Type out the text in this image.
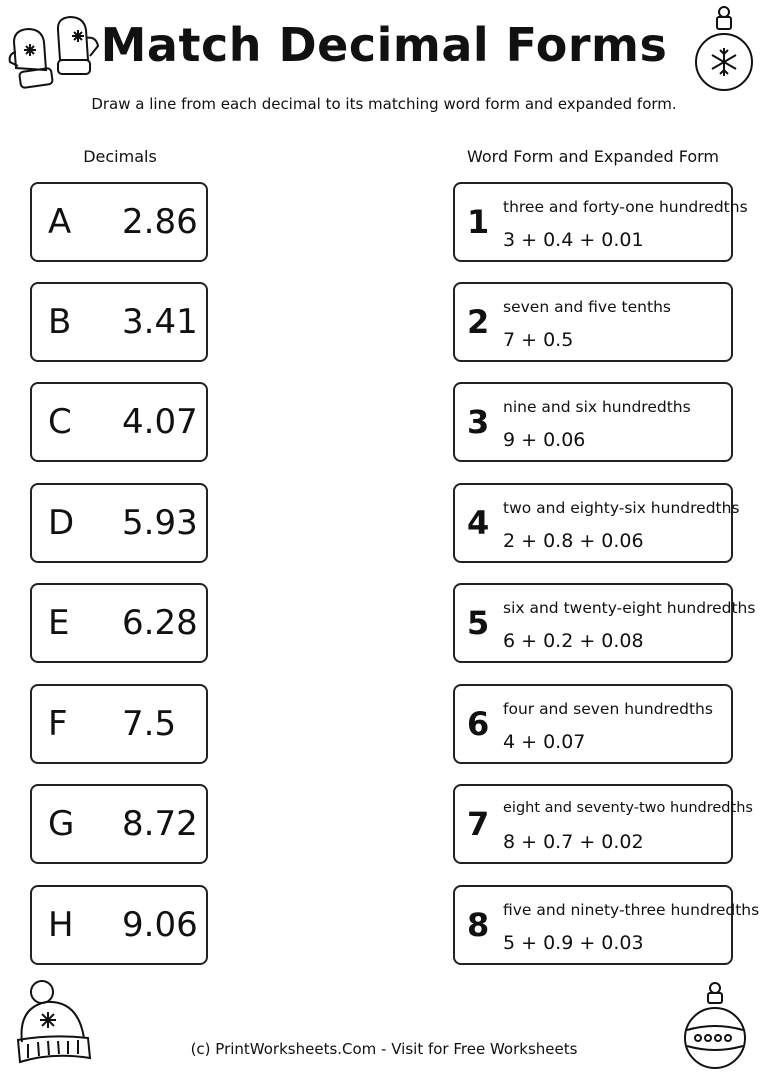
Match Decimal Forms
Draw a line from each decimal to its matching word form and expanded form.
Decimals	Word Form and Expanded Form
A 2.86
B 3.41
C 4.07
D 5.93
E 6.28
F 7.5
G 8.72
H 9.06
1 three and forty-one hundredths
3 + 0.4 + 0.01
2 seven and five tenths
7 + 0.5
3 nine and six hundredths
9 + 0.06
4 two and eighty-six hundredths
2 + 0.8 + 0.06
5 six and twenty-eight hundredths
6 + 0.2 + 0.08
6 four and seven hundredths
4 + 0.07
7 eight and seventy-two hundredths
8 + 0.7 + 0.02
8 five and ninety-three hundredths
5 + 0.9 + 0.03
(c) PrintWorksheets.Com - Visit for Free Worksheets
